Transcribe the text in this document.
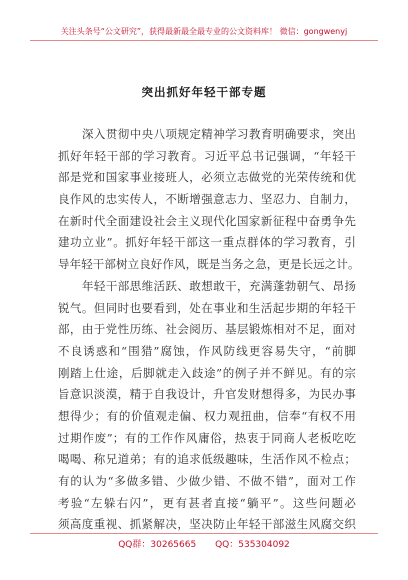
关注头条号“公文研究”，获得最新最全最专业的公文资料库！ 微信：gongwenyj
突出抓好年轻干部专题
深入贯彻中央八项规定精神学习教育明确要求，突出
抓好年轻干部的学习教育。习近平总书记强调，“年轻干
部是党和国家事业接班人，必须立志做党的光荣传统和优
良作风的忠实传人，不断增强意志力、坚忍力、自制力，
在新时代全面建设社会主义现代化国家新征程中奋勇争先
建功立业”。抓好年轻干部这一重点群体的学习教育，引
导年轻干部树立良好作风，既是当务之急，更是长远之计。
年轻干部思维活跃、敢想敢干，充满蓬勃朝气、昂扬
锐气。但同时也要看到，处在事业和生活起步期的年轻干
部，由于党性历练、社会阅历、基层锻炼相对不足，面对
不良诱惑和“围猎”腐蚀，作风防线更容易失守，“前脚
刚踏上仕途，后脚就走入歧途”的例子并不鲜见。有的宗
旨意识淡漠，精于自我设计，升官发财想得多，为民办事
想得少；有的价值观走偏、权力观扭曲，信奉“有权不用
过期作废”；有的工作作风庸俗，热衷于同商人老板吃吃
喝喝、称兄道弟；有的追求低级趣味，生活作风不检点；
有的认为“多做多错、少做少错、不做不错”，面对工作
考验“左躲右闪”，更有甚者直接“躺平”。这些问题必
须高度重视、抓紧解决，坚决防止年轻干部滋生风腐交织
QQ群：30265665 QQ：535304092
